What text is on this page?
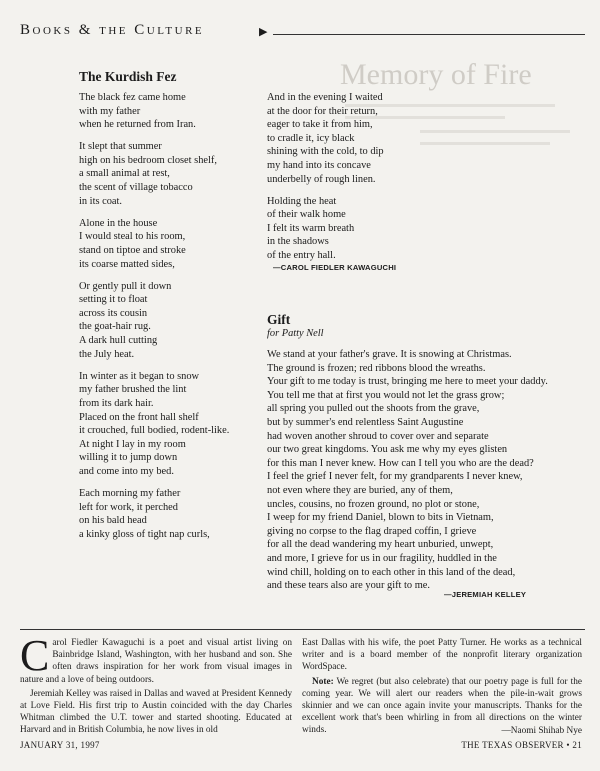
Memory of Fire
Books & the Culture	▶
The Kurdish Fez
The black fez came home
with my father
when he returned from Iran.
It slept that summer
high on his bedroom closet shelf,
a small animal at rest,
the scent of village tobacco
in its coat.
Alone in the house
I would steal to his room,
stand on tiptoe and stroke
its coarse matted sides,
Or gently pull it down
setting it to float
across its cousin
the goat-hair rug.
A dark hull cutting
the July heat.
In winter as it began to snow
my father brushed the lint
from its dark hair.
Placed on the front hall shelf
it crouched, full bodied, rodent-like.
At night I lay in my room
willing it to jump down
and come into my bed.
Each morning my father
left for work, it perched
on his bald head
a kinky gloss of tight nap curls,
And in the evening I waited
at the door for their return,
eager to take it from him,
to cradle it, icy black
shining with the cold, to dip
my hand into its concave
underbelly of rough linen.
Holding the heat
of their walk home
I felt its warm breath
in the shadows
of the entry hall.
—CAROL FIEDLER KAWAGUCHI
Gift
for Patty Nell
We stand at your father's grave. It is snowing at Christmas.
The ground is frozen; red ribbons blood the wreaths.
Your gift to me today is trust, bringing me here to meet your daddy.
You tell me that at first you would not let the grass grow;
all spring you pulled out the shoots from the grave,
but by summer's end relentless Saint Augustine
had woven another shroud to cover over and separate
our two great kingdoms. You ask me why my eyes glisten
for this man I never knew. How can I tell you who are the dead?
I feel the grief I never felt, for my grandparents I never knew,
not even where they are buried, any of them,
uncles, cousins, no frozen ground, no plot or stone,
I weep for my friend Daniel, blown to bits in Vietnam,
giving no corpse to the flag draped coffin, I grieve
for all the dead wandering my heart unburied, unwept,
and more, I grieve for us in our fragility, huddled in the
wind chill, holding on to each other in this land of the dead,
and these tears also are your gift to me.
—JEREMIAH KELLEY

Carol Fiedler Kawaguchi is a poet and visual artist living on Bainbridge Island, Washington, with her husband and son. She often draws inspiration for her work from visual images in nature and a love of being outdoors.

Jeremiah Kelley was raised in Dallas and waved at President Kennedy at Love Field. His first trip to Austin coincided with the day Charles Whitman climbed the U.T. tower and started shooting. Educated at Harvard and in British Columbia, he now lives in old

East Dallas with his wife, the poet Patty Turner. He works as a technical writer and is a board member of the nonprofit literary organization WordSpace.

Note: We regret (but also celebrate) that our poetry page is full for the coming year. We will alert our readers when the pile-in-wait grows skinnier and we can once again invite your manuscripts. Thanks for the excellent work that's been whirling in from all directions on the winter winds.	—Naomi Shihab Nye
JANUARY 31, 1997	THE TEXAS OBSERVER • 21
